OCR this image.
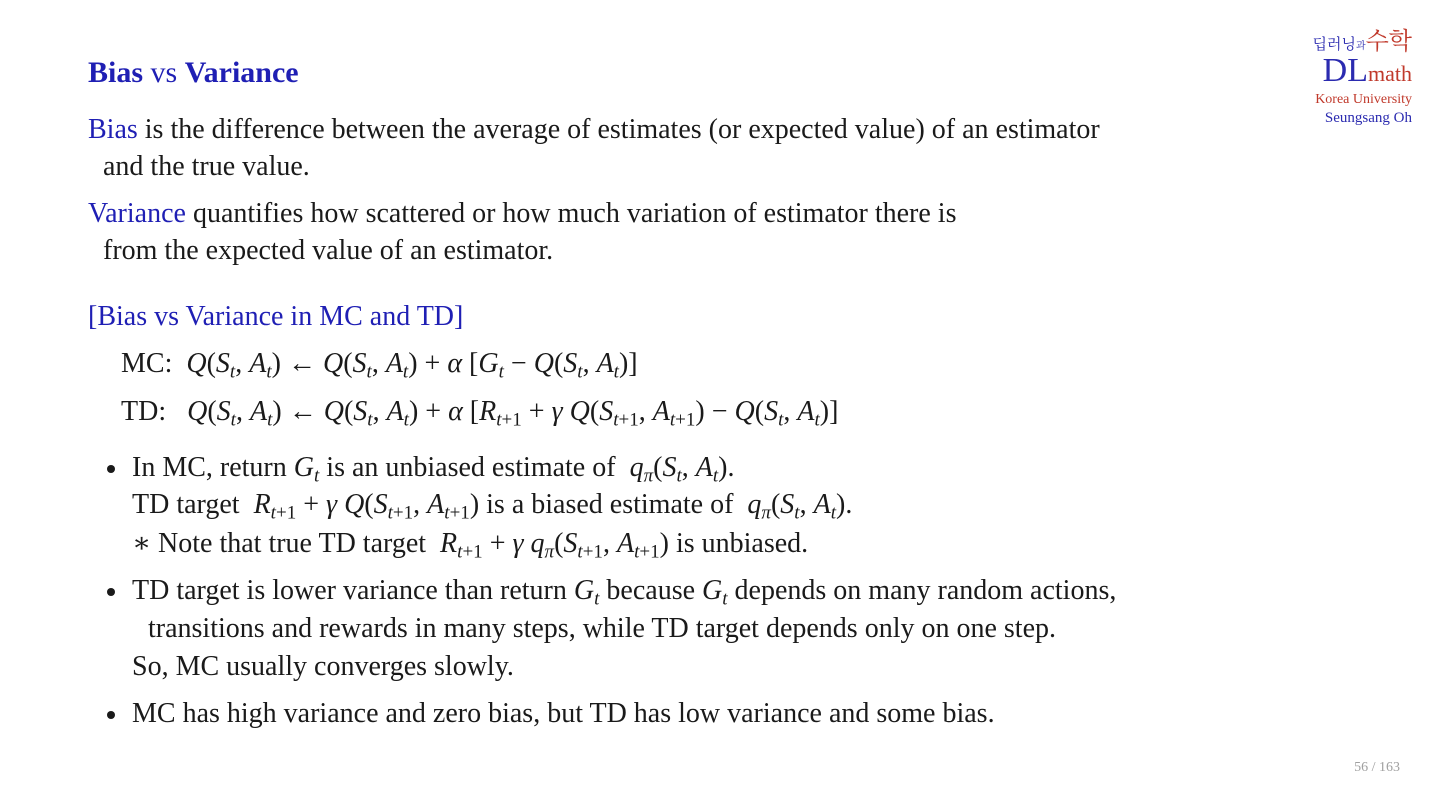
Bias vs Variance
딥러닝과수학
DLmath
Korea University
Seungsang Oh
Bias is the difference between the average of estimates (or expected value) of an estimator
and the true value.
Variance quantifies how scattered or how much variation of estimator there is
from the expected value of an estimator.
[Bias vs Variance in MC and TD]
MC: $Q(S_t$, $A_t$) ← $Q(S_t$, $A_t) + \alpha$ [$G_t - Q(S_t$, $A_t$)]
TD: $Q(S_t$, $A_t$) ← $Q(S_t$, $A_t) + \alpha$ [$R_{t+1} + \gamma$ $Q(S_{t+1}$, $A_{t+1}) - Q(S_t$, $A_t$)]
In MC, return $G_t$ is an unbiased estimate of  $q_\pi(S_t$, $A_t$).
TD target  $R_{t+1} + \gamma$ $Q(S_{t+1}$, $A_{t+1}$) is a biased estimate of  $q_\pi(S_t$, $A_t$).
∗ Note that true TD target  $R_{t+1} + \gamma$ $q_\pi(S_{t+1}$, $A_{t+1}$) is unbiased.
TD target is lower variance than return $G_t$ because $G_t$ depends on many random actions,
transitions and rewards in many steps, while TD target depends only on one step.
So, MC usually converges slowly.
MC has high variance and zero bias, but TD has low variance and some bias.
56 / 163
